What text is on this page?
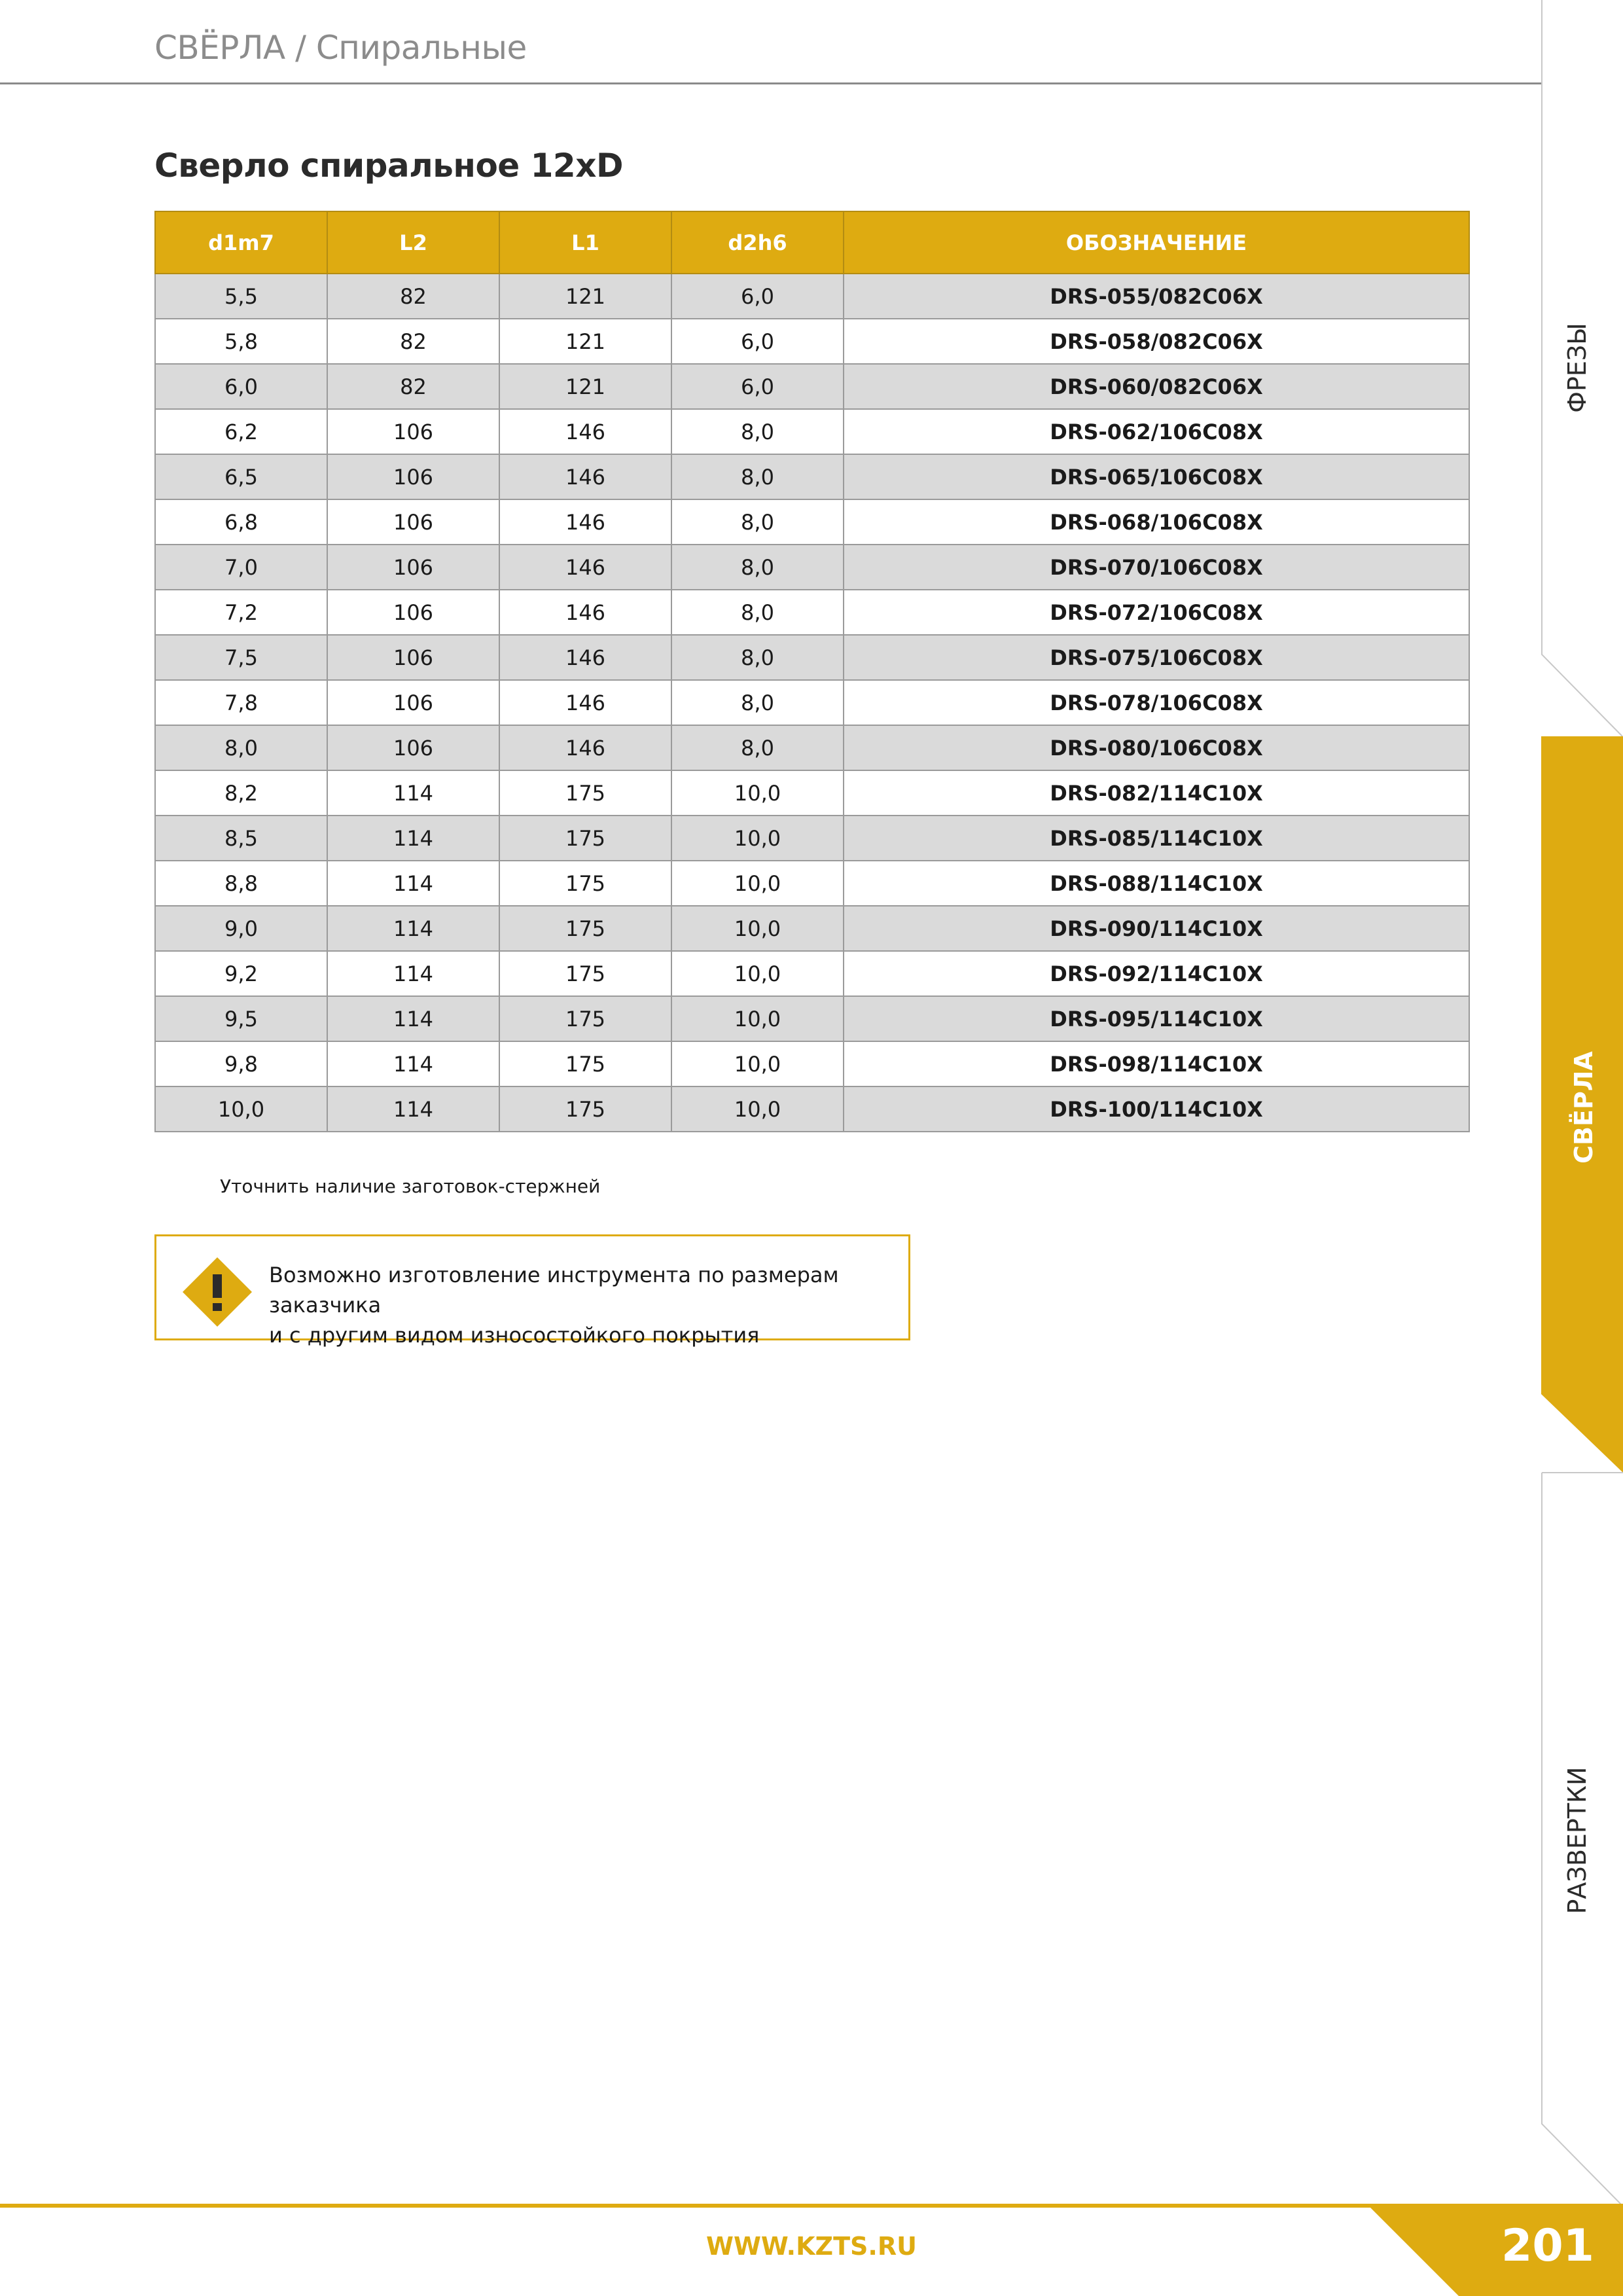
СВЁРЛА / Спиральные
Сверло спиральное 12xD
d1m7	L2	L1	d2h6	ОБОЗНАЧЕНИЕ
5,5	82	121	6,0	DRS-055/082C06X
5,8	82	121	6,0	DRS-058/082C06X
6,0	82	121	6,0	DRS-060/082C06X
6,2	106	146	8,0	DRS-062/106C08X
6,5	106	146	8,0	DRS-065/106C08X
6,8	106	146	8,0	DRS-068/106C08X
7,0	106	146	8,0	DRS-070/106C08X
7,2	106	146	8,0	DRS-072/106C08X
7,5	106	146	8,0	DRS-075/106C08X
7,8	106	146	8,0	DRS-078/106C08X
8,0	106	146	8,0	DRS-080/106C08X
8,2	114	175	10,0	DRS-082/114C10X
8,5	114	175	10,0	DRS-085/114C10X
8,8	114	175	10,0	DRS-088/114C10X
9,0	114	175	10,0	DRS-090/114C10X
9,2	114	175	10,0	DRS-092/114C10X
9,5	114	175	10,0	DRS-095/114C10X
9,8	114	175	10,0	DRS-098/114C10X
10,0	114	175	10,0	DRS-100/114C10X
Уточнить наличие заготовок-стержней
Возможно изготовление инструмента по размерам заказчика
и с другим видом износостойкого покрытия
ФРЕЗЫ
СВЁРЛА
РАЗВЕРТКИ
WWW.KZTS.RU	201
